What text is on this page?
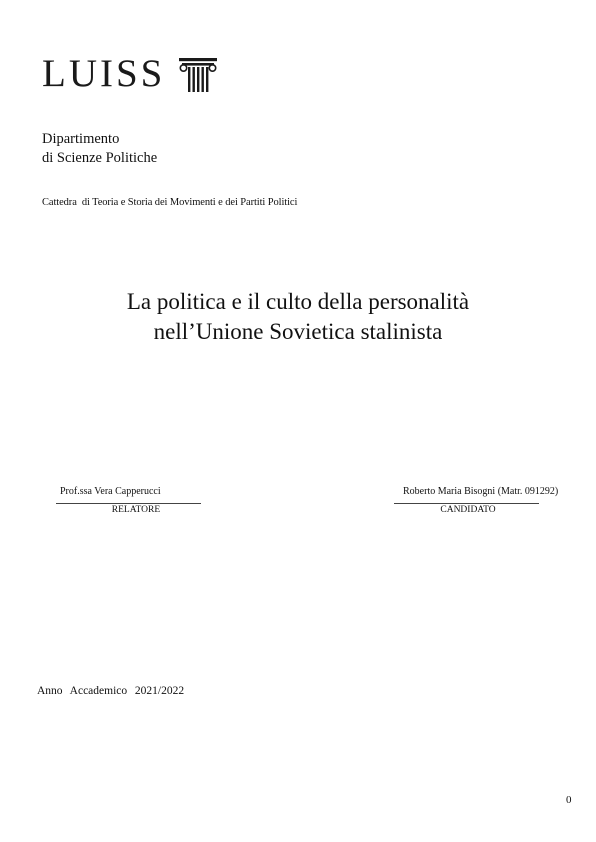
LUISS
Dipartimento
di Scienze Politiche
Cattedra  di Teoria e Storia dei Movimenti e dei Partiti Politici
La politica e il culto della personalità
nell’Unione Sovietica stalinista
Prof.ssa Vera Capperucci
RELATORE
Roberto Maria Bisogni (Matr. 091292)
CANDIDATO
Anno  Accademico  2021/2022
0
